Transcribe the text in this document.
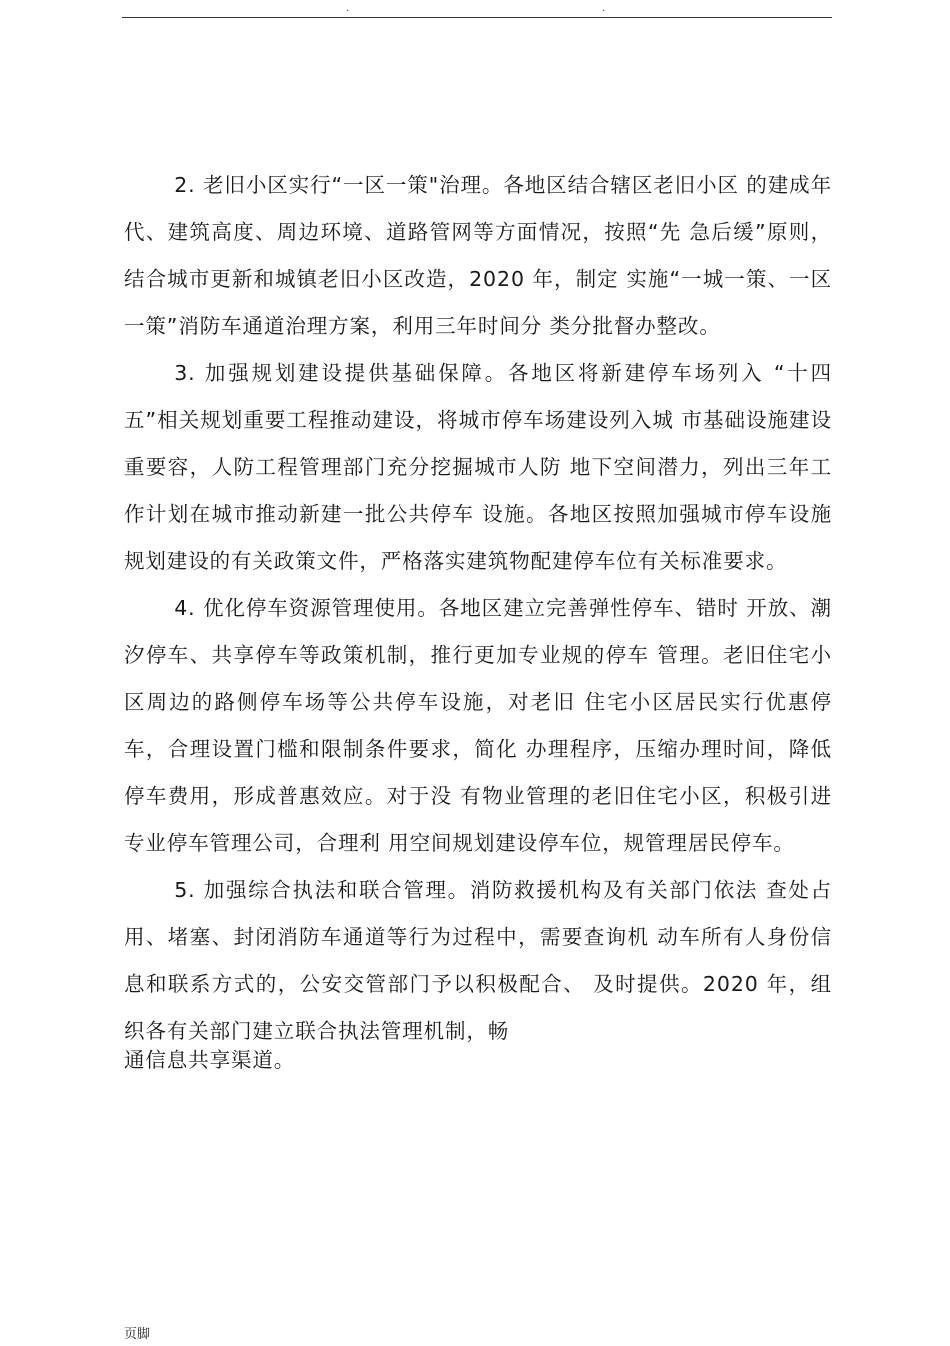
.	.

2. 老旧小区实行“一区一策"治理。各地区结合辖区老旧小区 的建成年代、建筑高度、周边环境、道路管网等方面情况，按照“先 急后缓”原则，结合城市更新和城镇老旧小区改造，2020 年，制定 实施“一城一策、一区一策”消防车通道治理方案，利用三年时间分 类分批督办整改。

3. 加强规划建设提供基础保障。各地区将新建停车场列入 “十四五”相关规划重要工程推动建设，将城市停车场建设列入城 市基础设施建设重要容，人防工程管理部门充分挖掘城市人防 地下空间潜力，列出三年工作计划在城市推动新建一批公共停车 设施。各地区按照加强城市停车设施规划建设的有关政策文件，严格落实建筑物配建停车位有关标准要求。

4. 优化停车资源管理使用。各地区建立完善弹性停车、错时 开放、潮汐停车、共享停车等政策机制，推行更加专业规的停车 管理。老旧住宅小区周边的路侧停车场等公共停车设施，对老旧 住宅小区居民实行优惠停车，合理设置门槛和限制条件要求，简化 办理程序，压缩办理时间，降低停车费用，形成普惠效应。对于没 有物业管理的老旧住宅小区，积极引进专业停车管理公司，合理利 用空间规划建设停车位，规管理居民停车。

5. 加强综合执法和联合管理。消防救援机构及有关部门依法 查处占用、堵塞、封闭消防车通道等行为过程中，需要查询机 动车所有人身份信息和联系方式的，公安交管部门予以积极配合、 及时提供。2020 年，组织各有关部门建立联合执法管理机制，畅

通信息共享渠道。

页脚
